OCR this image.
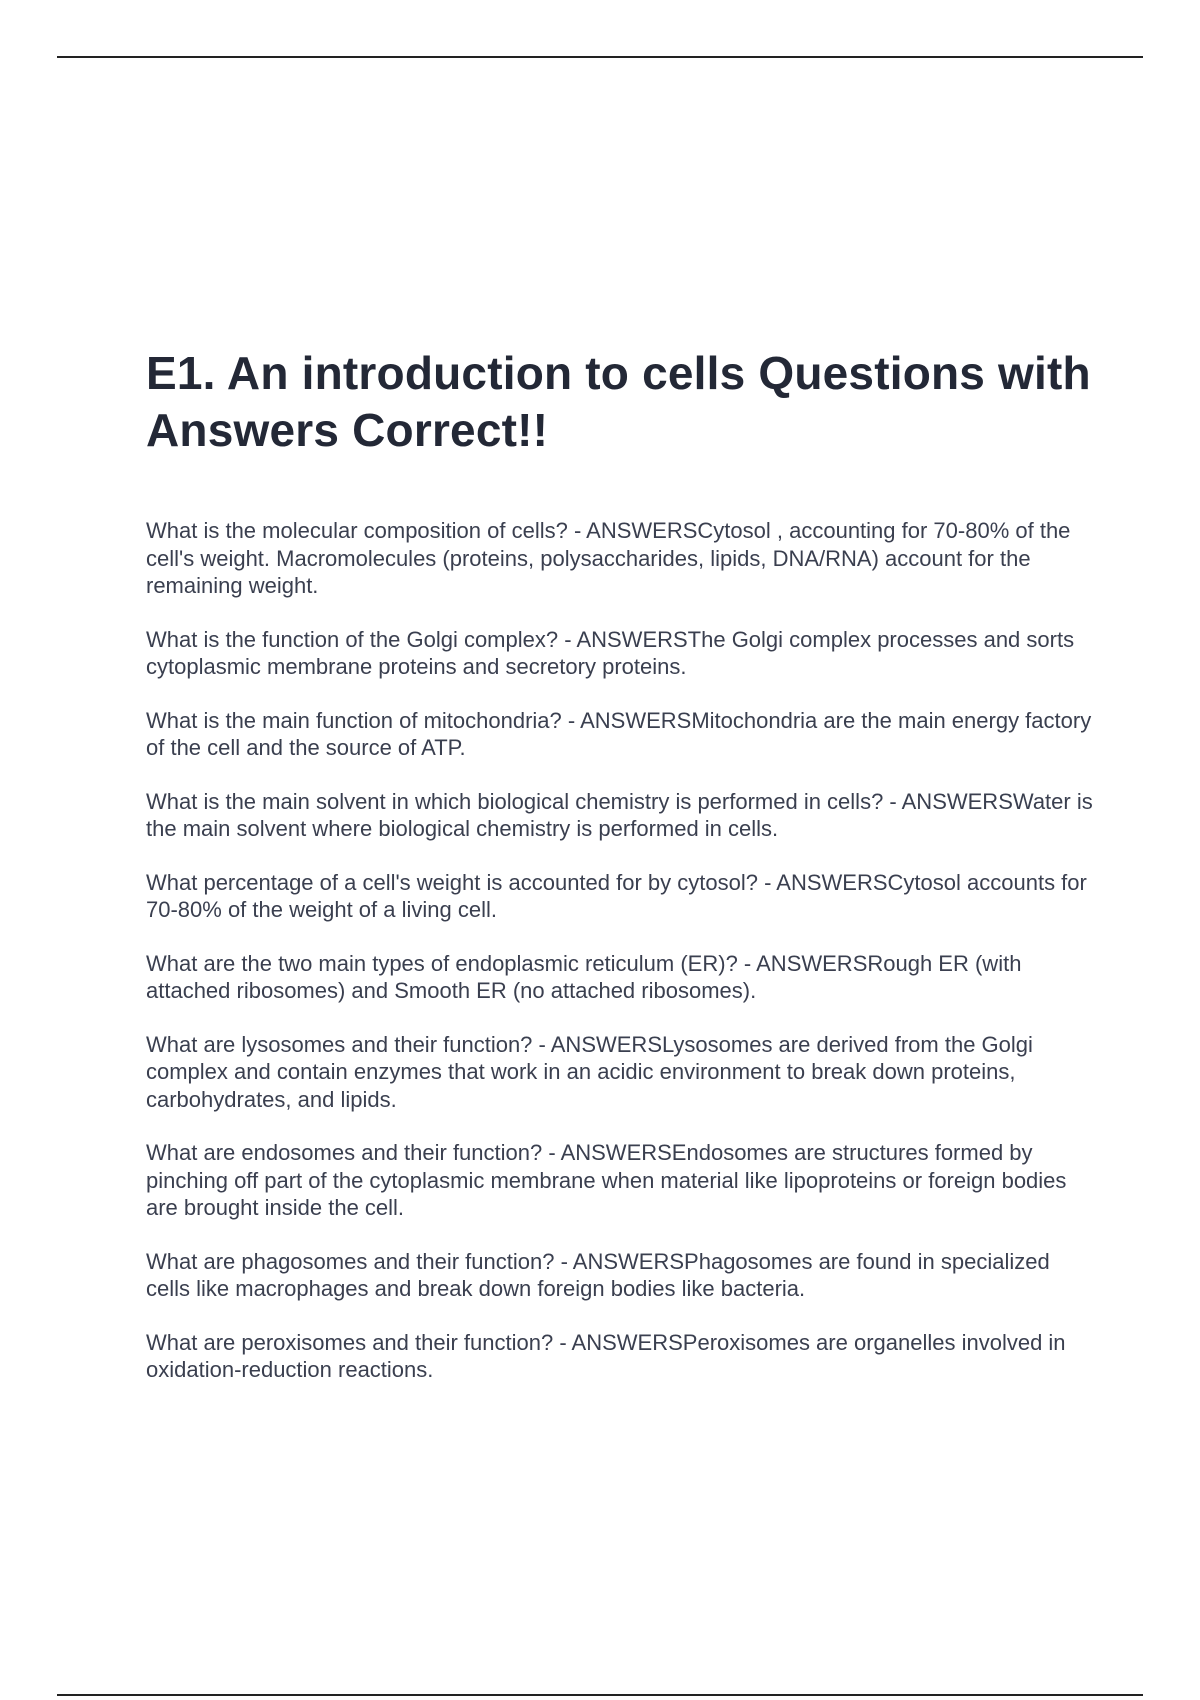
E1. An introduction to cells Questions with Answers Correct!!

What is the molecular composition of cells? - ANSWERSCytosol , accounting for 70-80% of the cell's weight. Macromolecules (proteins, polysaccharides, lipids, DNA/RNA) account for the remaining weight.

What is the function of the Golgi complex? - ANSWERSThe Golgi complex processes and sorts cytoplasmic membrane proteins and secretory proteins.

What is the main function of mitochondria? - ANSWERSMitochondria are the main energy factory of the cell and the source of ATP.

What is the main solvent in which biological chemistry is performed in cells? - ANSWERSWater is the main solvent where biological chemistry is performed in cells.

What percentage of a cell's weight is accounted for by cytosol? - ANSWERSCytosol accounts for 70-80% of the weight of a living cell.

What are the two main types of endoplasmic reticulum (ER)? - ANSWERSRough ER (with attached ribosomes) and Smooth ER (no attached ribosomes).

What are lysosomes and their function? - ANSWERSLysosomes are derived from the Golgi complex and contain enzymes that work in an acidic environment to break down proteins, carbohydrates, and lipids.

What are endosomes and their function? - ANSWERSEndosomes are structures formed by pinching off part of the cytoplasmic membrane when material like lipoproteins or foreign bodies are brought inside the cell.

What are phagosomes and their function? - ANSWERSPhagosomes are found in specialized cells like macrophages and break down foreign bodies like bacteria.

What are peroxisomes and their function? - ANSWERSPeroxisomes are organelles involved in oxidation-reduction reactions.
